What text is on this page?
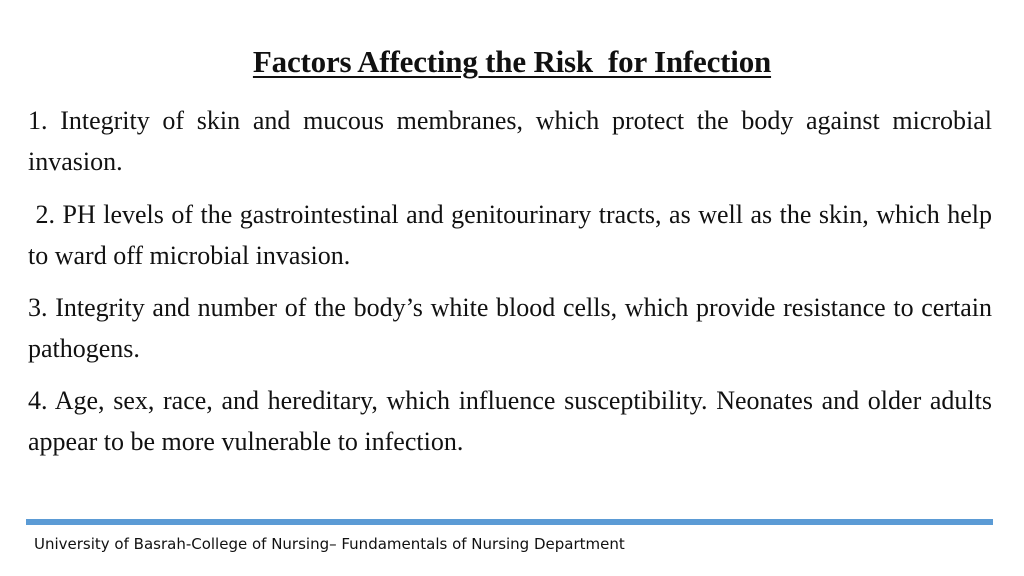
Factors Affecting the Risk  for Infection
1. Integrity of skin and mucous membranes, which protect the body against microbial invasion.
2. PH levels of the gastrointestinal and genitourinary tracts, as well as the skin, which help to ward off microbial invasion.
3. Integrity and number of the body’s white blood cells, which provide resistance to certain pathogens.
4. Age, sex, race, and hereditary, which influence susceptibility. Neonates and older adults appear to be more vulnerable to infection.
University of Basrah-College of Nursing– Fundamentals of Nursing Department
